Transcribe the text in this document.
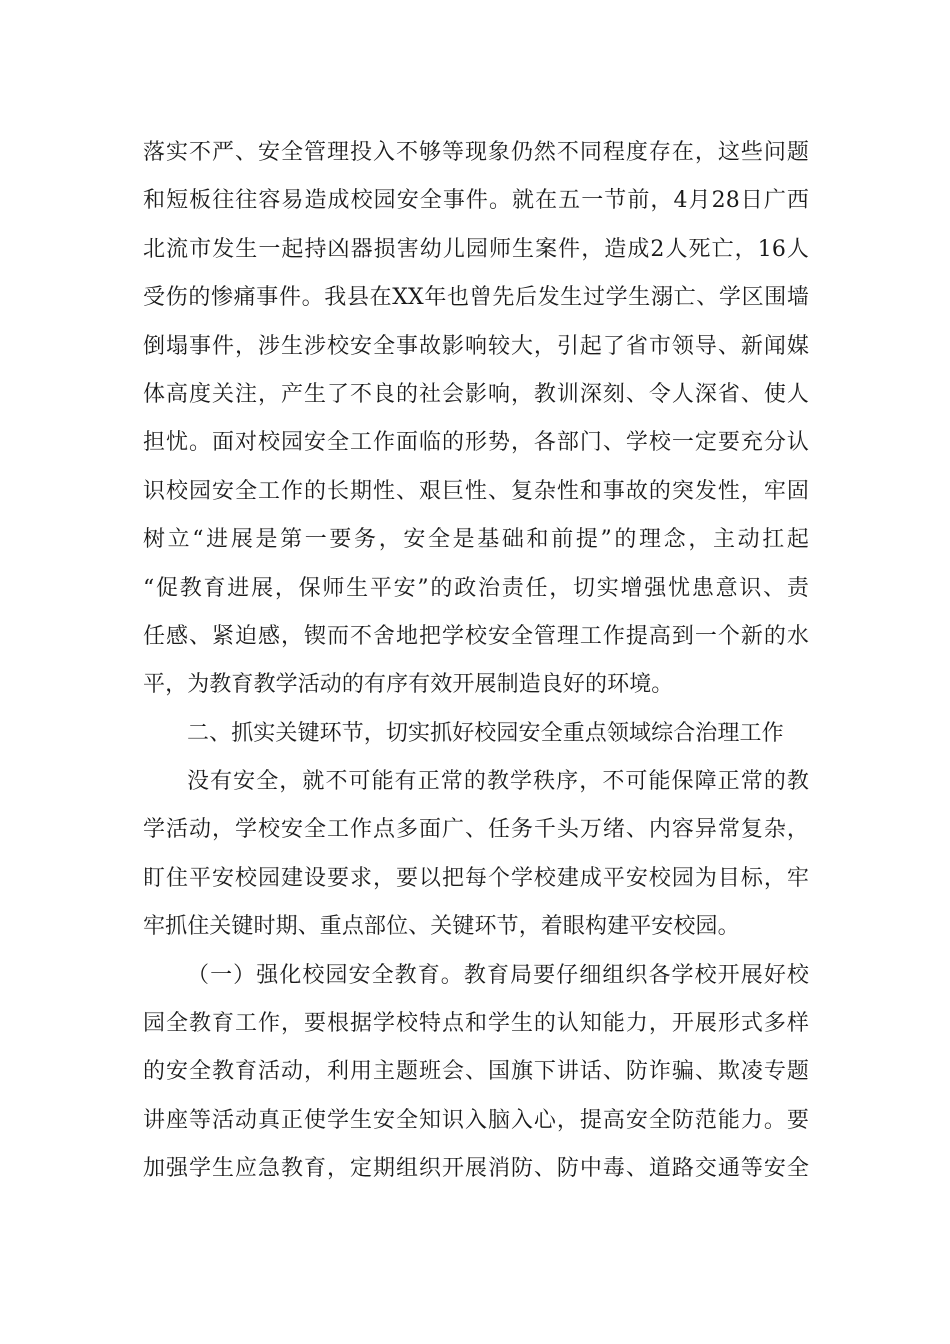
落实不严、安全管理投入不够等现象仍然不同程度存在，这些问题
和短板往往容易造成校园安全事件。就在五一节前，4月28日广西
北流市发生一起持凶器损害幼儿园师生案件，造成2人死亡，16人
受伤的惨痛事件。我县在XX年也曾先后发生过学生溺亡、学区围墙
倒塌事件，涉生涉校安全事故影响较大，引起了省市领导、新闻媒
体高度关注，产生了不良的社会影响，教训深刻、令人深省、使人
担忧。面对校园安全工作面临的形势，各部门、学校一定要充分认
识校园安全工作的长期性、艰巨性、复杂性和事故的突发性，牢固
树立“进展是第一要务，安全是基础和前提”的理念，主动扛起
“促教育进展，保师生平安”的政治责任，切实增强忧患意识、责
任感、紧迫感，锲而不舍地把学校安全管理工作提高到一个新的水
平，为教育教学活动的有序有效开展制造良好的环境。
二、抓实关键环节，切实抓好校园安全重点领域综合治理工作
没有安全，就不可能有正常的教学秩序，不可能保障正常的教
学活动，学校安全工作点多面广、任务千头万绪、内容异常复杂，
盯住平安校园建设要求，要以把每个学校建成平安校园为目标，牢
牢抓住关键时期、重点部位、关键环节，着眼构建平安校园。
（一）强化校园安全教育。教育局要仔细组织各学校开展好校
园全教育工作，要根据学校特点和学生的认知能力，开展形式多样
的安全教育活动，利用主题班会、国旗下讲话、防诈骗、欺凌专题
讲座等活动真正使学生安全知识入脑入心，提高安全防范能力。要
加强学生应急教育，定期组织开展消防、防中毒、道路交通等安全
